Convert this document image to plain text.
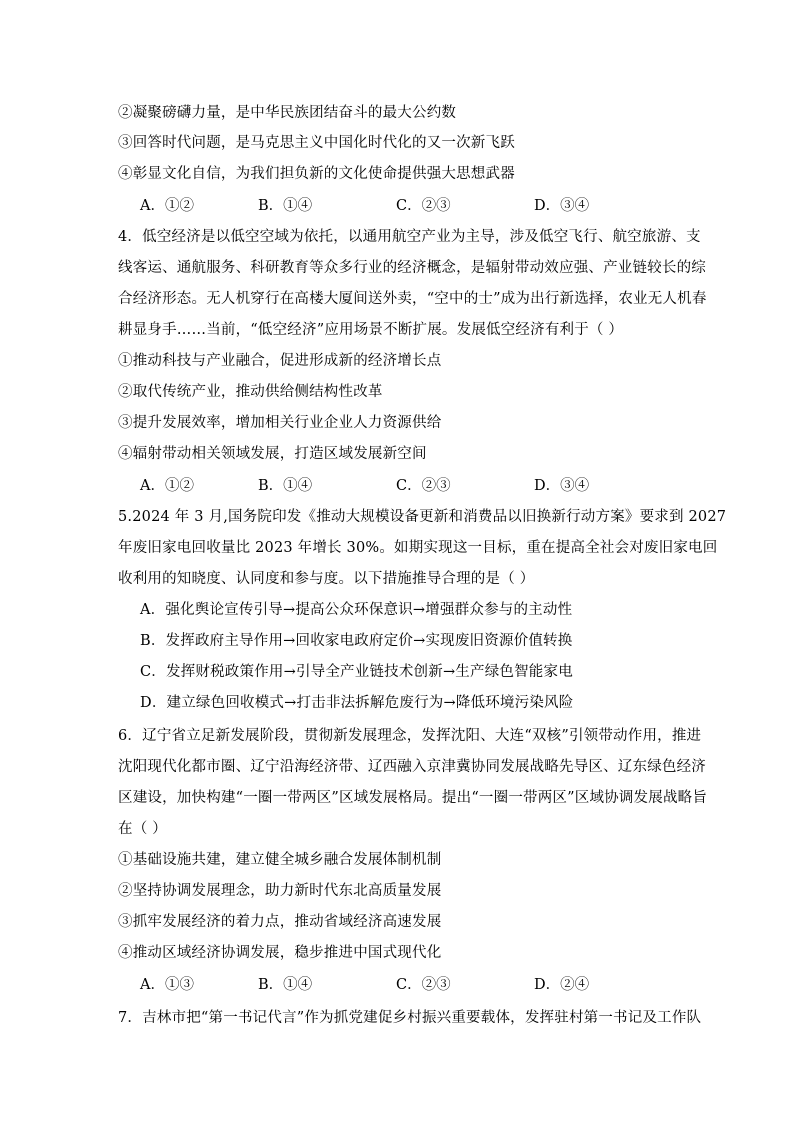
②凝聚磅礴力量，是中华民族团结奋斗的最大公约数
③回答时代问题，是马克思主义中国化时代化的又一次新飞跃
④彰显文化自信，为我们担负新的文化使命提供强大思想武器
A．①②	B．①④	C．②③	D．③④
4．低空经济是以低空空域为依托，以通用航空产业为主导，涉及低空飞行、航空旅游、支
线客运、通航服务、科研教育等众多行业的经济概念，是辐射带动效应强、产业链较长的综
合经济形态。无人机穿行在高楼大厦间送外卖，“空中的士”成为出行新选择，农业无人机春
耕显身手……当前，“低空经济”应用场景不断扩展。发展低空经济有利于（ ）
①推动科技与产业融合，促进形成新的经济增长点
②取代传统产业，推动供给侧结构性改革
③提升发展效率，增加相关行业企业人力资源供给
④辐射带动相关领域发展，打造区域发展新空间
A．①②	B．①④	C．②③	D．③④
5.2024 年 3 月,国务院印发《推动大规模设备更新和消费品以旧换新行动方案》要求到 2027
年废旧家电回收量比 2023 年增长 30%。如期实现这一目标，重在提高全社会对废旧家电回
收利用的知晓度、认同度和参与度。以下措施推导合理的是（ ）
A．强化舆论宣传引导→提高公众环保意识→增强群众参与的主动性
B．发挥政府主导作用→回收家电政府定价→实现废旧资源价值转换
C．发挥财税政策作用→引导全产业链技术创新→生产绿色智能家电
D．建立绿色回收模式→打击非法拆解危废行为→降低环境污染风险
6．辽宁省立足新发展阶段，贯彻新发展理念，发挥沈阳、大连“双核”引领带动作用，推进
沈阳现代化都市圈、辽宁沿海经济带、辽西融入京津冀协同发展战略先导区、辽东绿色经济
区建设，加快构建“一圈一带两区”区域发展格局。提出“一圈一带两区”区域协调发展战略旨
在（ ）
①基础设施共建，建立健全城乡融合发展体制机制
②坚持协调发展理念，助力新时代东北高质量发展
③抓牢发展经济的着力点，推动省域经济高速发展
④推动区域经济协调发展，稳步推进中国式现代化
A．①③	B．①④	C．②③	D．②④
7．吉林市把“第一书记代言”作为抓党建促乡村振兴重要载体，发挥驻村第一书记及工作队
